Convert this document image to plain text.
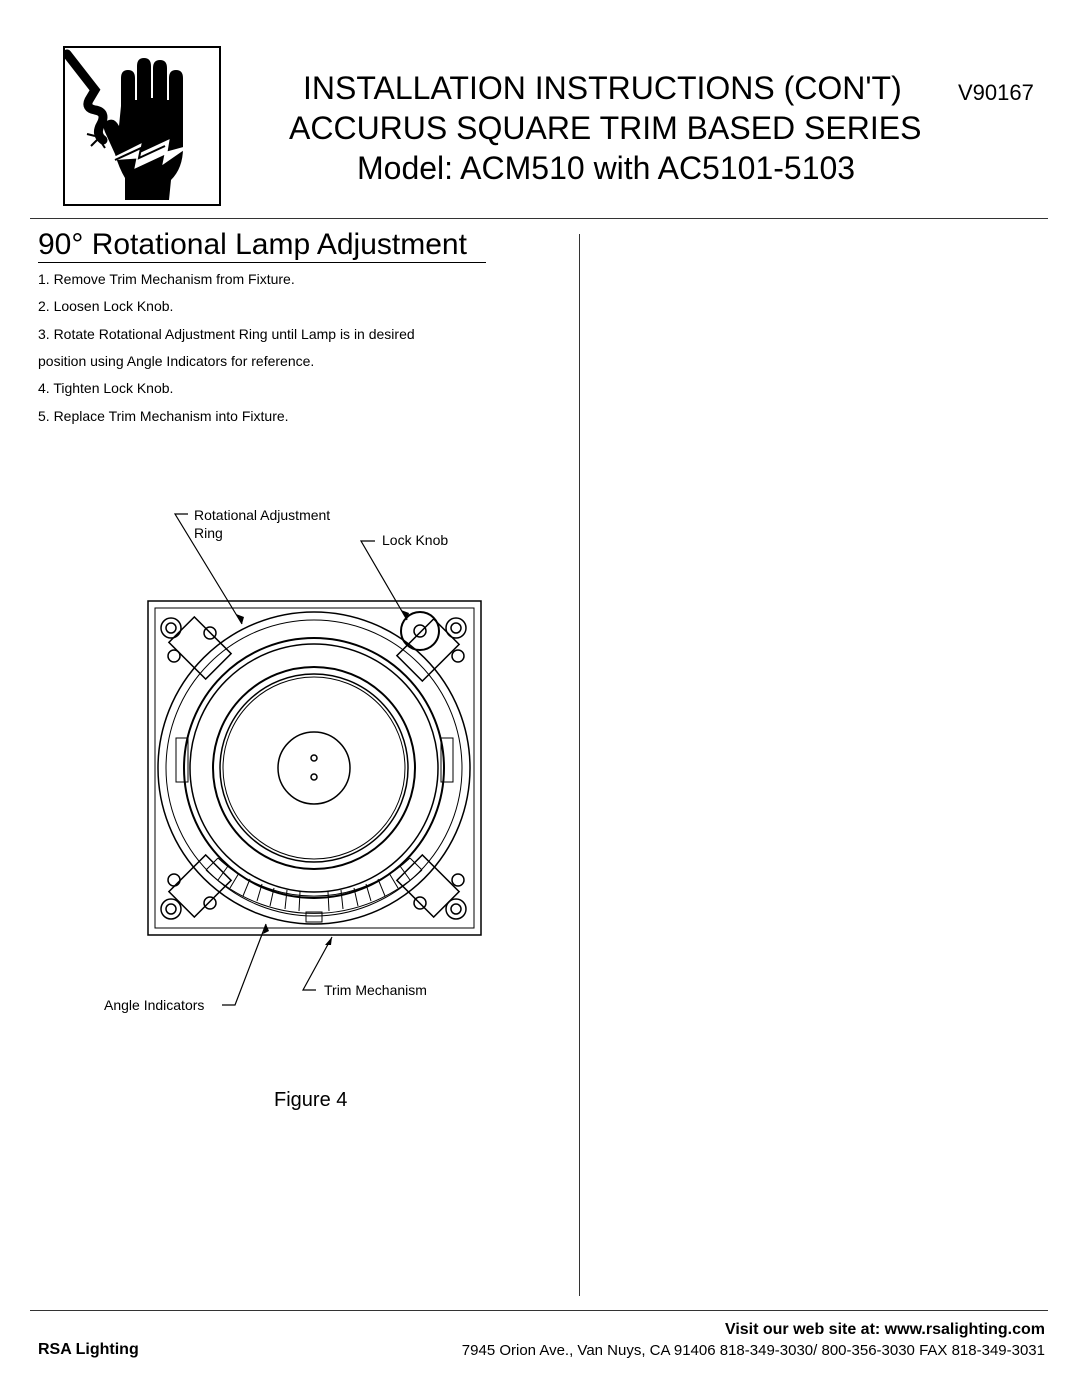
INSTALLATION INSTRUCTIONS (CON'T)	V90167
ACCURUS SQUARE TRIM BASED SERIES
Model: ACM510 with AC5101-5103
90° Rotational Lamp Adjustment
1. Remove Trim Mechanism from Fixture.
2. Loosen Lock Knob.
3. Rotate Rotational Adjustment Ring until Lamp is in desired
position using Angle Indicators for reference.
4. Tighten Lock Knob.
5. Replace Trim Mechanism into Fixture.
Rotational Adjustment
Ring	Lock Knob
Angle Indicators
Trim Mechanism
Figure 4
Visit our web site at: www.rsalighting.com
RSA Lighting	7945 Orion Ave., Van Nuys, CA 91406 818-349-3030/ 800-356-3030 FAX 818-349-3031
